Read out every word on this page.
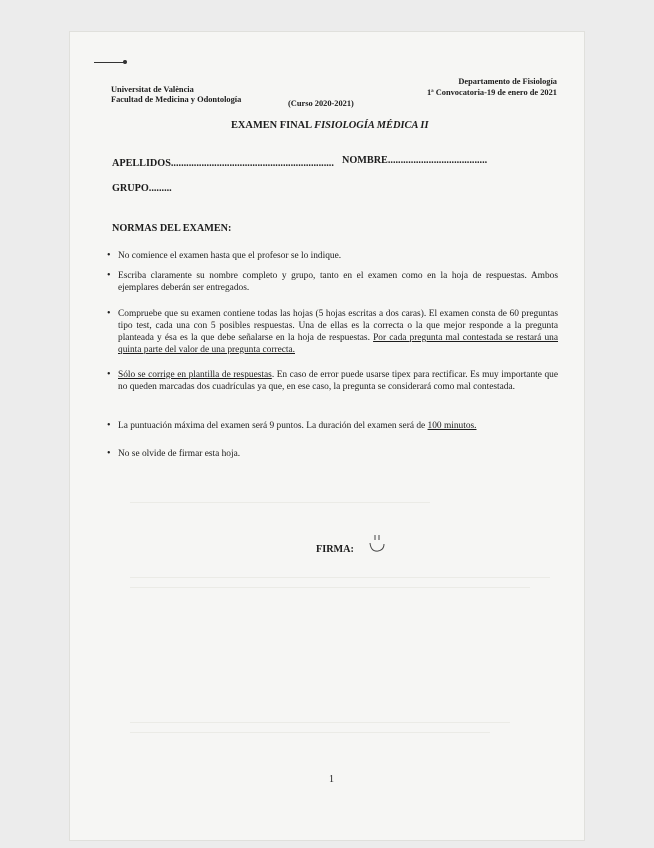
Universitat de València
Facultad de Medicina y Odontología	(Curso 2020-2021)
Departamento de Fisiología
1ª Convocatoria-19 de enero de 2021
EXAMEN FINAL FISIOLOGÍA MÉDICA II
APELLIDOS................................................................ NOMBRE.......................................
GRUPO.........
NORMAS DEL EXAMEN:
• No comience el examen hasta que el profesor se lo indique.
• Escriba claramente su nombre completo y grupo, tanto en el examen como en la hoja de respuestas. Ambos ejemplares deberán ser entregados.
• Compruebe que su examen contiene todas las hojas (5 hojas escritas a dos caras). El examen consta de 60 preguntas tipo test, cada una con 5 posibles respuestas. Una de ellas es la correcta o la que mejor responde a la pregunta planteada y ésa es la que debe señalarse en la hoja de respuestas. Por cada pregunta mal contestada se restará una quinta parte del valor de una pregunta correcta.
• Sólo se corrige en plantilla de respuestas. En caso de error puede usarse tipex para rectificar. Es muy importante que no queden marcadas dos cuadrículas ya que, en ese caso, la pregunta se considerará como mal contestada.
• La puntuación máxima del examen será 9 puntos. La duración del examen será de 100 minutos.
• No se olvide de firmar esta hoja.
FIRMA:
1
